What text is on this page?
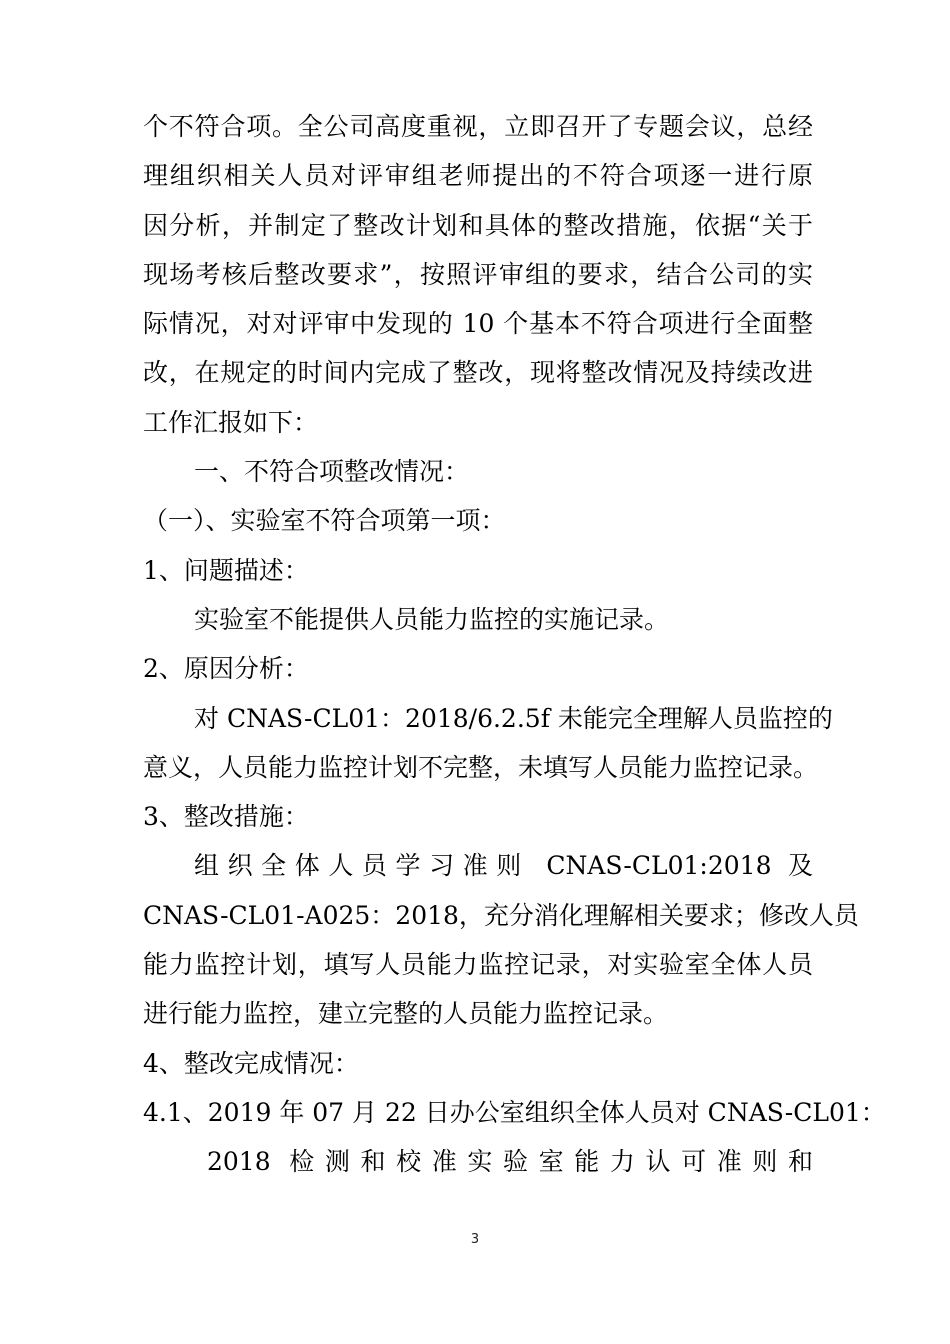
个不符合项。全公司高度重视，立即召开了专题会议，总经
理组织相关人员对评审组老师提出的不符合项逐一进行原
因分析，并制定了整改计划和具体的整改措施，依据“关于
现场考核后整改要求”，按照评审组的要求，结合公司的实
际情况，对对评审中发现的 10 个基本不符合项进行全面整
改，在规定的时间内完成了整改，现将整改情况及持续改进
工作汇报如下：
一、不符合项整改情况：
（一）、实验室不符合项第一项：
1、问题描述：
实验室不能提供人员能力监控的实施记录。
2、原因分析：
对 CNAS-CL01：2018/6.2.5f 未能完全理解人员监控的
意义，人员能力监控计划不完整，未填写人员能力监控记录。
3、整改措施：
组织全体人员学习准则 CNAS-CL01:2018 及
CNAS-CL01-A025：2018，充分消化理解相关要求；修改人员
能力监控计划，填写人员能力监控记录，对实验室全体人员
进行能力监控，建立完整的人员能力监控记录。
4、整改完成情况：
4.1、2019 年 07 月 22 日办公室组织全体人员对 CNAS-CL01：
2018 检测和校准实验室能力认可准则和
3
